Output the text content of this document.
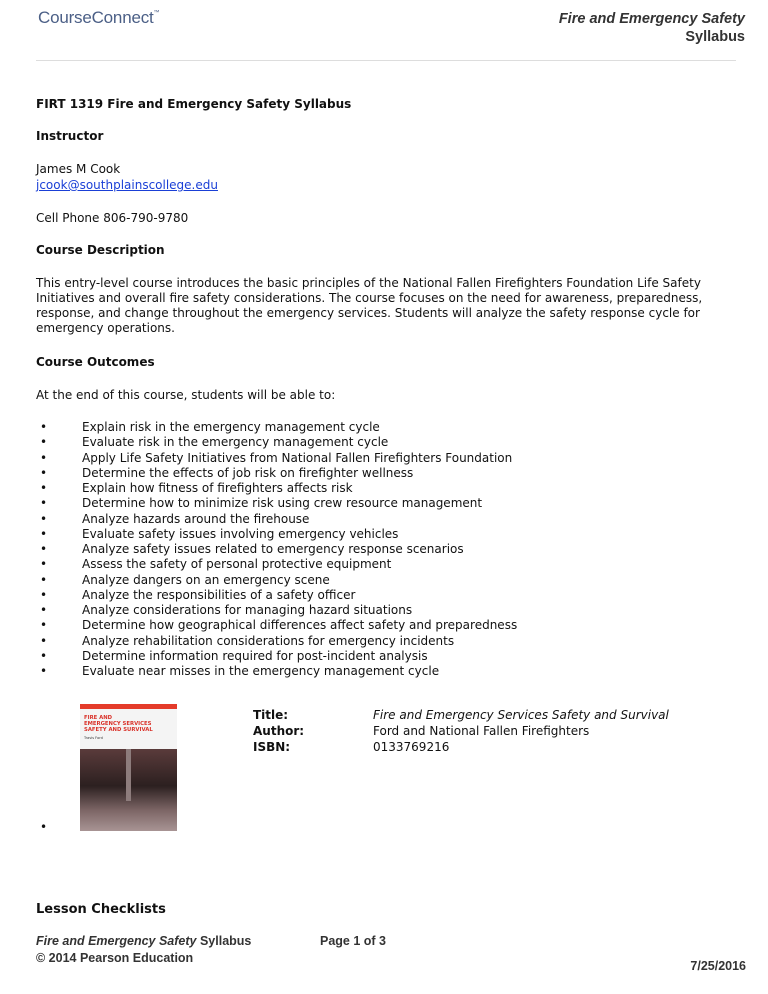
CourseConnect™	Fire and Emergency Safety
Syllabus
FIRT 1319 Fire and Emergency Safety Syllabus
Instructor
James M Cook
jcook@southplainscollege.edu
Cell Phone 806-790-9780
Course Description
This entry-level course introduces the basic principles of the National Fallen Firefighters Foundation Life Safety Initiatives and overall fire safety considerations. The course focuses on the need for awareness, preparedness, response, and change throughout the emergency services. Students will analyze the safety response cycle for emergency operations.
Course Outcomes
At the end of this course, students will be able to:
• Explain risk in the emergency management cycle
• Evaluate risk in the emergency management cycle
• Apply Life Safety Initiatives from National Fallen Firefighters Foundation
• Determine the effects of job risk on firefighter wellness
• Explain how fitness of firefighters affects risk
• Determine how to minimize risk using crew resource management
• Analyze hazards around the firehouse
• Evaluate safety issues involving emergency vehicles
• Analyze safety issues related to emergency response scenarios
• Assess the safety of personal protective equipment
• Analyze dangers on an emergency scene
• Analyze the responsibilities of a safety officer
• Analyze considerations for managing hazard situations
• Determine how geographical differences affect safety and preparedness
• Analyze rehabilitation considerations for emergency incidents
• Determine information required for post-incident analysis
• Evaluate near misses in the emergency management cycle
FIRE AND
EMERGENCY SERVICES
SAFETY AND SURVIVAL
Travis Ford
•
Title:
Author:
ISBN:
Fire and Emergency Services Safety and Survival
Ford and National Fallen Firefighters
0133769216
Lesson Checklists
Fire and Emergency Safety Syllabus
© 2014 Pearson Education
Page 1 of 3
7/25/2016
